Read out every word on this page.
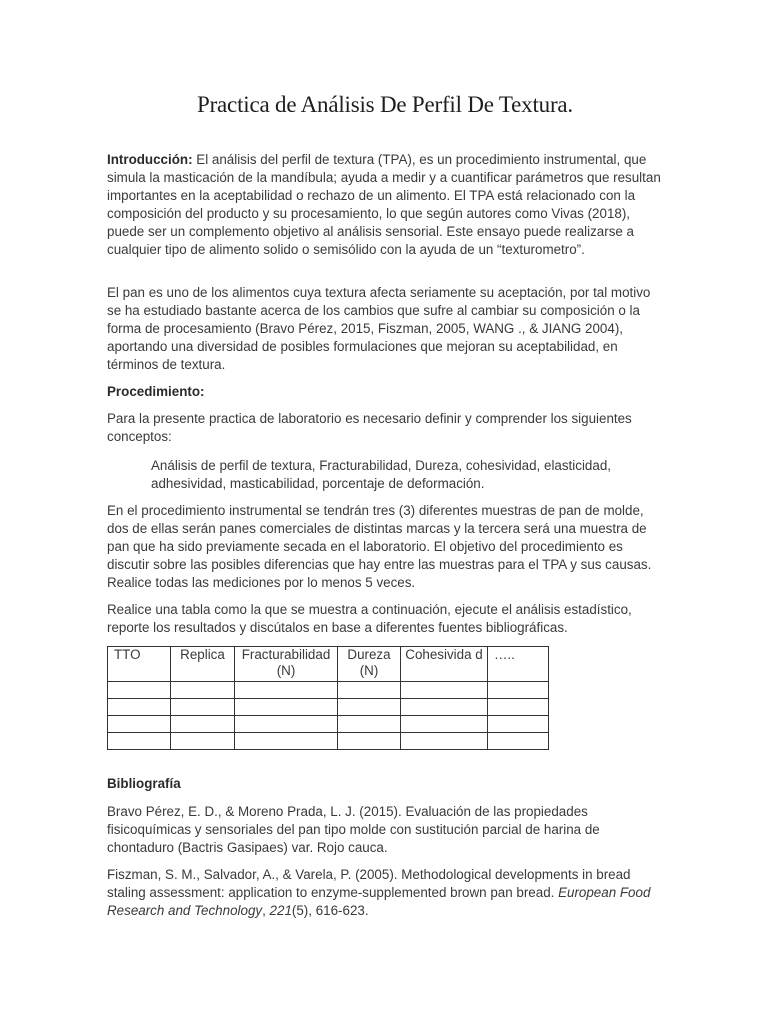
Practica de Análisis De Perfil De Textura.

Introducción: El análisis del perfil de textura (TPA), es un procedimiento instrumental, que simula la masticación de la mandíbula; ayuda a medir y a cuantificar parámetros que resultan importantes en la aceptabilidad o rechazo de un alimento. El TPA está relacionado con la composición del producto y su procesamiento, lo que según autores como Vivas (2018), puede ser un complemento objetivo al análisis sensorial. Este ensayo puede realizarse a cualquier tipo de alimento solido o semisólido con la ayuda de un “texturometro”.

El pan es uno de los alimentos cuya textura afecta seriamente su aceptación, por tal motivo se ha estudiado bastante acerca de los cambios que sufre al cambiar su composición o la forma de procesamiento (Bravo Pérez, 2015, Fiszman, 2005, WANG ., & JIANG 2004), aportando una diversidad de posibles formulaciones que mejoran su aceptabilidad, en términos de textura.

Procedimiento:

Para la presente practica de laboratorio es necesario definir y comprender los siguientes conceptos:

Análisis de perfil de textura, Fracturabilidad, Dureza, cohesividad, elasticidad, adhesividad, masticabilidad, porcentaje de deformación.

En el procedimiento instrumental se tendrán tres (3) diferentes muestras de pan de molde, dos de ellas serán panes comerciales de distintas marcas y la tercera será una muestra de pan que ha sido previamente secada en el laboratorio. El objetivo del procedimiento es discutir sobre las posibles diferencias que hay entre las muestras para el TPA y sus causas. Realice todas las mediciones por lo menos 5 veces.

Realice una tabla como la que se muestra a continuación, ejecute el análisis estadístico, reporte los resultados y discútalos en base a diferentes fuentes bibliográficas.

TTO	Replica	Fracturabilidad (N)	Dureza (N)	Cohesivida d	…..

Bibliografía

Bravo Pérez, E. D., & Moreno Prada, L. J. (2015). Evaluación de las propiedades fisicoquímicas y sensoriales del pan tipo molde con sustitución parcial de harina de chontaduro (Bactris Gasipaes) var. Rojo cauca.

Fiszman, S. M., Salvador, A., & Varela, P. (2005). Methodological developments in bread staling assessment: application to enzyme-supplemented brown pan bread. European Food Research and Technology, 221(5), 616-623.
